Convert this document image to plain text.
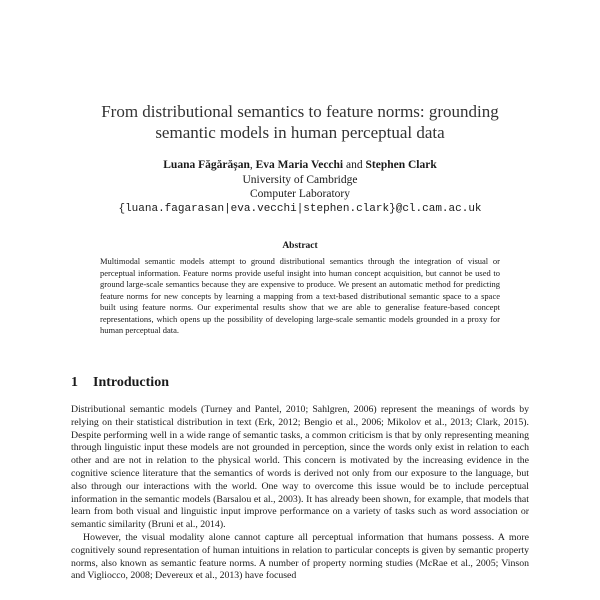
From distributional semantics to feature norms: grounding
semantic models in human perceptual data
Luana Făgărășan, Eva Maria Vecchi and Stephen Clark
University of Cambridge
Computer Laboratory
{luana.fagarasan|eva.vecchi|stephen.clark}@cl.cam.ac.uk
Abstract
Multimodal semantic models attempt to ground distributional semantics through the integration of visual or perceptual information. Feature norms provide useful insight into human concept acquisition, but cannot be used to ground large-scale semantics because they are expensive to produce. We present an automatic method for predicting feature norms for new concepts by learning a mapping from a text-based distributional semantic space to a space built using feature norms. Our experimental results show that we are able to generalise feature-based concept representations, which opens up the possibility of developing large-scale semantic models grounded in a proxy for human perceptual data.
1 Introduction

Distributional semantic models (Turney and Pantel, 2010; Sahlgren, 2006) represent the meanings of words by relying on their statistical distribution in text (Erk, 2012; Bengio et al., 2006; Mikolov et al., 2013; Clark, 2015). Despite performing well in a wide range of semantic tasks, a common criticism is that by only representing meaning through linguistic input these models are not grounded in perception, since the words only exist in relation to each other and are not in relation to the physical world. This concern is motivated by the increasing evidence in the cognitive science literature that the semantics of words is derived not only from our exposure to the language, but also through our interactions with the world. One way to overcome this issue would be to include perceptual information in the semantic models (Barsalou et al., 2003). It has already been shown, for example, that models that learn from both visual and linguistic input improve performance on a variety of tasks such as word association or semantic similarity (Bruni et al., 2014).

However, the visual modality alone cannot capture all perceptual information that humans possess. A more cognitively sound representation of human intuitions in relation to particular concepts is given by semantic property norms, also known as semantic feature norms. A number of property norming studies (McRae et al., 2005; Vinson and Vigliocco, 2008; Devereux et al., 2013) have focused
